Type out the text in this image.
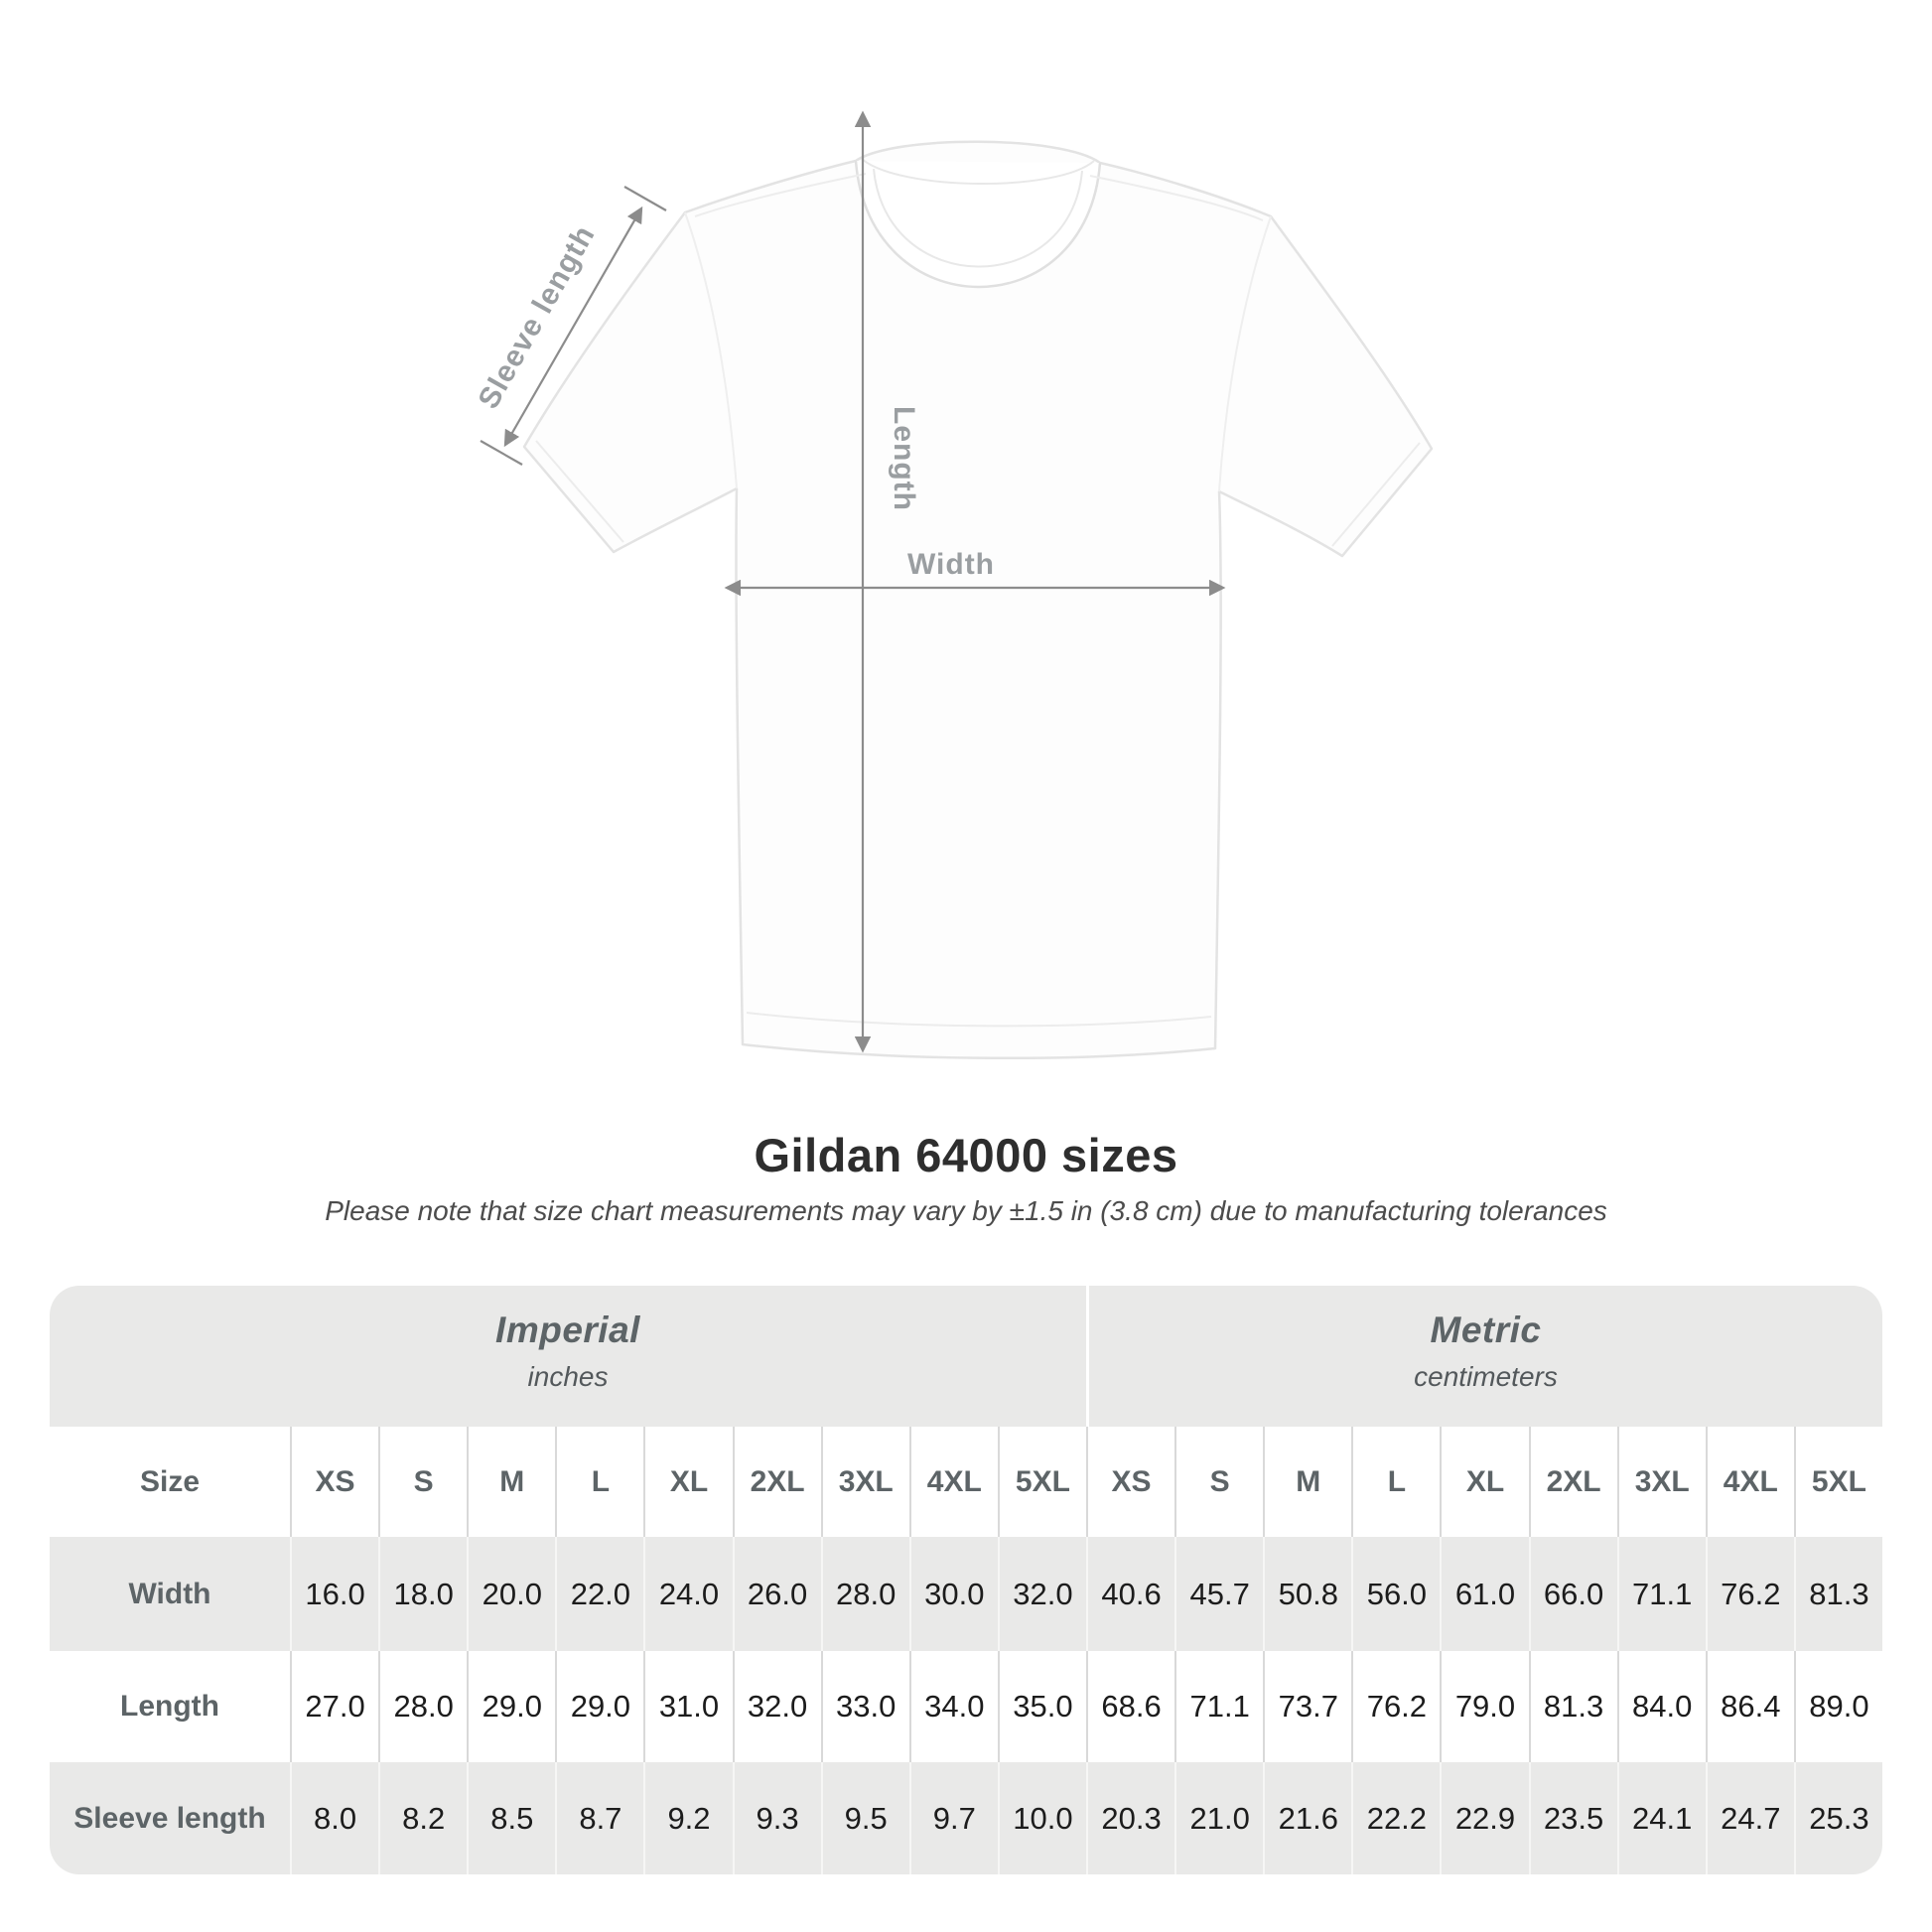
Length
Width
Sleeve length
Gildan 64000 sizes
Please note that size chart measurements may vary by ±1.5 in (3.8 cm) due to manufacturing tolerances
Imperial
inches
Metric
centimeters
Size	XS	S	M	L	XL	2XL	3XL	4XL	5XL	XS	S	M	L	XL	2XL	3XL	4XL	5XL
Width	16.0 18.0 20.0 22.0 24.0 26.0 28.0 30.0 32.0 40.6 45.7 50.8 56.0 61.0 66.0 71.1 76.2 81.3
Length	27.0 28.0 29.0 29.0 31.0 32.0 33.0 34.0 35.0 68.6 71.1 73.7 76.2 79.0 81.3 84.0 86.4 89.0
Sleeve length	8.0	8.2	8.5	8.7	9.2	9.3	9.5	9.7	10.0 20.3 21.0 21.6 22.2 22.9 23.5 24.1 24.7 25.3
